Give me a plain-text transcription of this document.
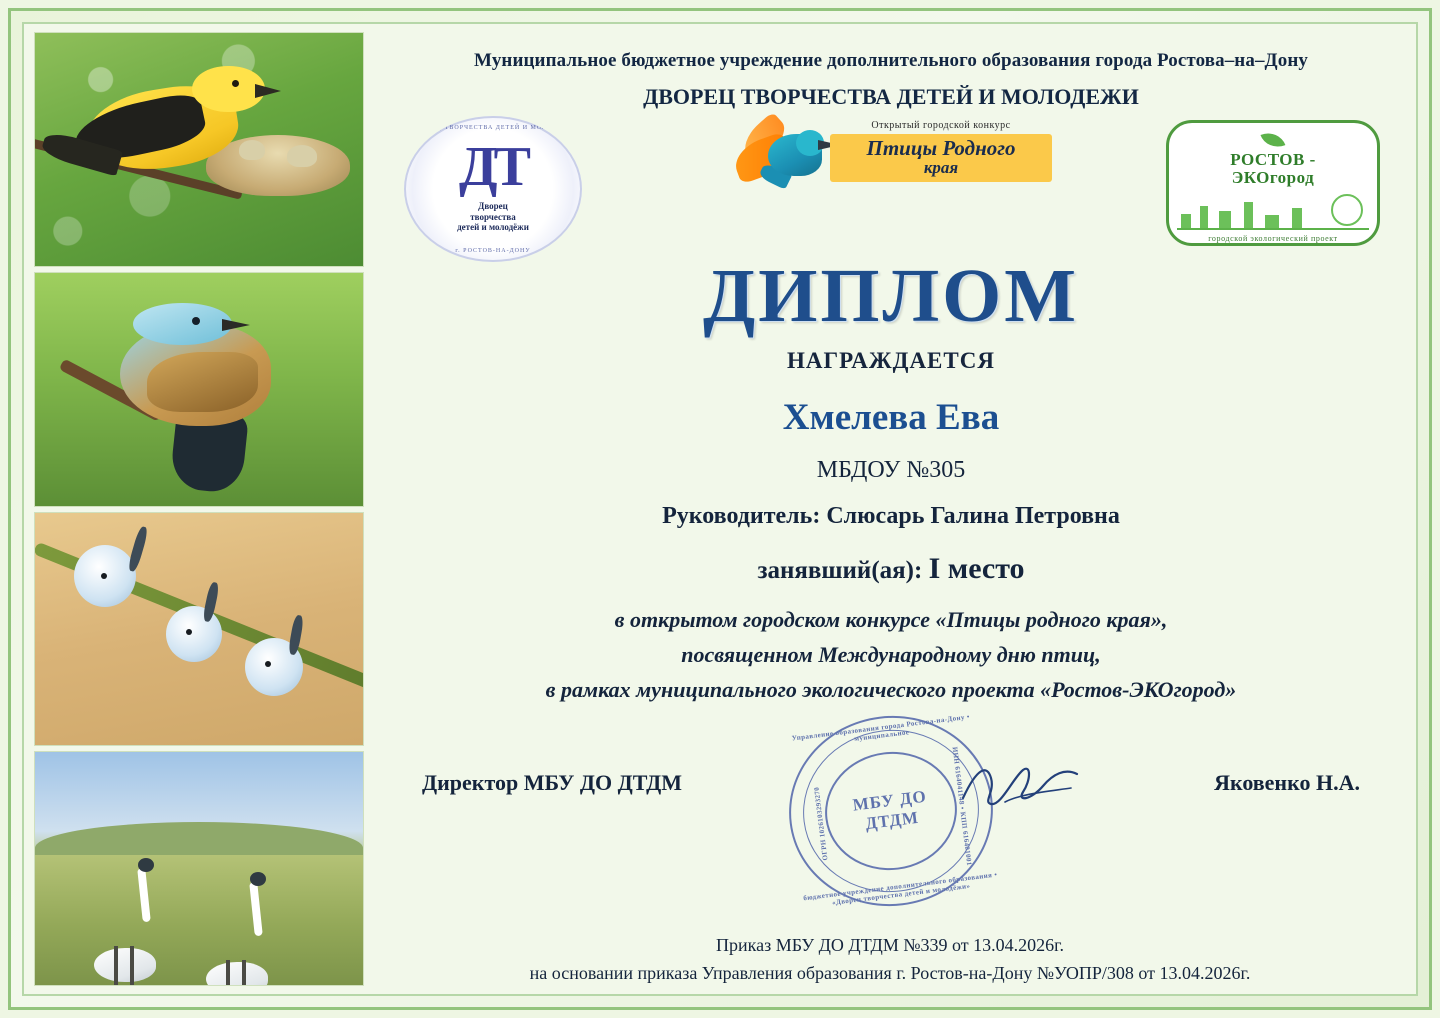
Муниципальное бюджетное учреждение дополнительного образования города Ростова–на–Дону
ДВОРЕЦ ТВОРЧЕСТВА ДЕТЕЙ И МОЛОДЕЖИ
ДВОРЕЦ ТВОРЧЕСТВА ДЕТЕЙ И МОЛОДЕЖИ
ДТ
Дворец
творчества
детей и молодёжи
г. РОСТОВ-НА-ДОНУ
Открытый городской конкурс
Птицы Родного
края	РОСТОВ -
ЭКОгород
городской экологический проект
ДИПЛОМ
НАГРАЖДАЕТСЯ
Хмелева Ева
МБДОУ №305
Руководитель: Слюсарь Галина Петровна
занявший(ая): I место
в открытом городском конкурсе «Птицы родного края»,
посвященном Международному дню птиц,
в рамках муниципального экологического проекта «Ростов-ЭКОгород»
Директор МБУ ДО ДТДМ
Управление образования города Ростова-на-Дону • муниципальное
ОГРН 1026103293270	ИНН 6164041148 • КПП 616401001
МБУ ДО
ДТДМ
бюджетное учреждение дополнительного образования • «Дворец творчества детей и молодёжи»
Яковенко Н.А.
Приказ МБУ ДО ДТДМ №339 от 13.04.2026г.
на основании приказа Управления образования г. Ростов-на-Дону №УОПР/308 от 13.04.2026г.
